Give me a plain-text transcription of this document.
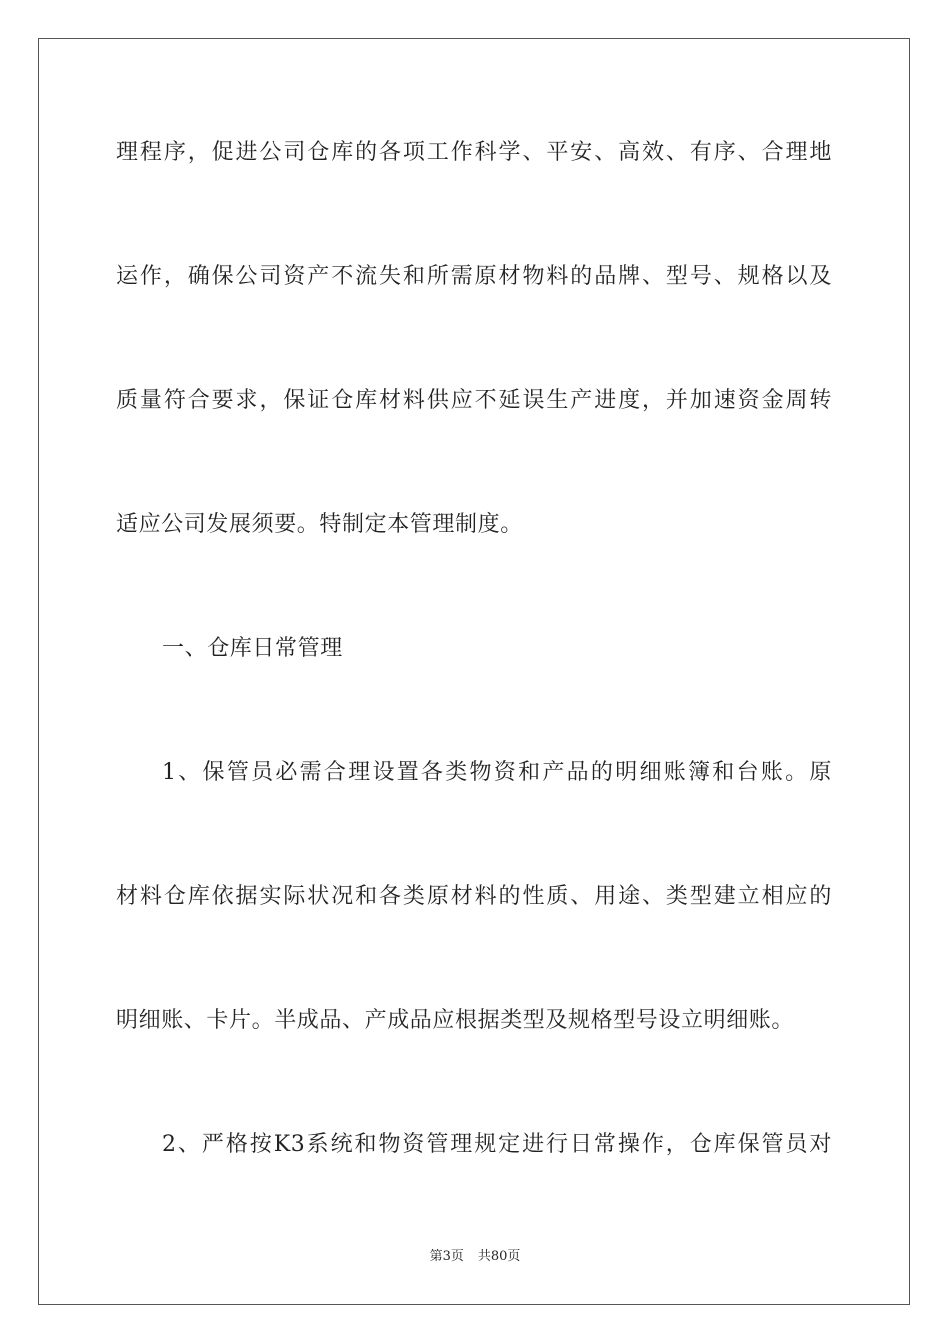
理程序，促进公司仓库的各项工作科学、平安、高效、有序、合理地
运作，确保公司资产不流失和所需原材物料的品牌、型号、规格以及
质量符合要求，保证仓库材料供应不延误生产进度，并加速资金周转
适应公司发展须要。特制定本管理制度。
一、仓库日常管理
1、保管员必需合理设置各类物资和产品的明细账簿和台账。原
材料仓库依据实际状况和各类原材料的性质、用途、类型建立相应的
明细账、卡片。半成品、产成品应根据类型及规格型号设立明细账。
2、严格按K3系统和物资管理规定进行日常操作，仓库保管员对
第3页 共80页
